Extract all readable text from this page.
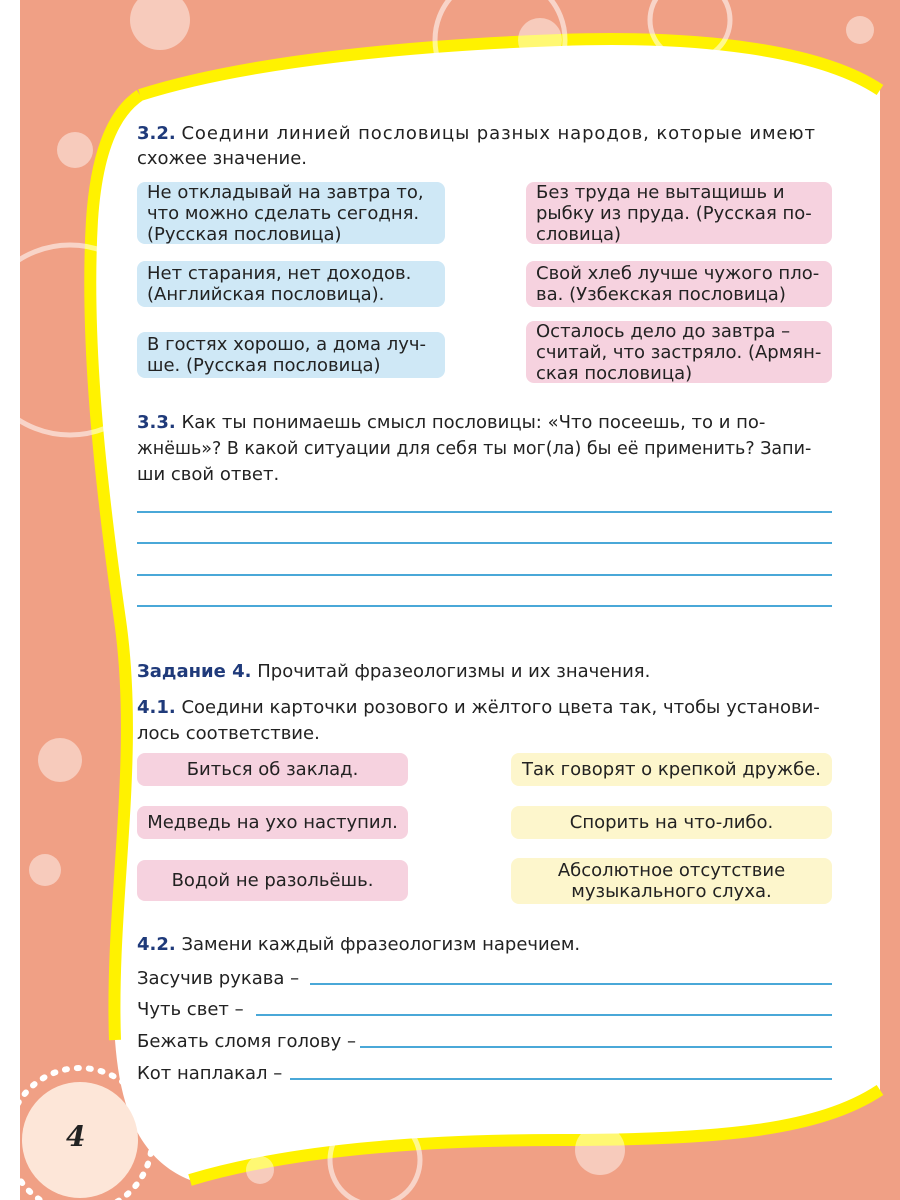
3.2. Соедини линией пословицы разных народов, которые имеют
схожее значение.
Не откладывай на завтра то,
что можно сделать сегодня.
(Русская пословица)
Нет старания, нет доходов.
(Английская пословица).
В гостях хорошо, а дома луч-
ше. (Русская пословица)
Без труда не вытащишь и
рыбку из пруда. (Русская по-
словица)
Свой хлеб лучше чужого пло-
ва. (Узбекская пословица)
Осталось дело до завтра –
считай, что застряло. (Армян-
ская пословица)
3.3. Как ты понимаешь смысл пословицы: «Что посеешь, то и по-
жнёшь»? В какой ситуации для себя ты мог(ла) бы её применить? Запи-
ши свой ответ.
Задание 4. Прочитай фразеологизмы и их значения.
4.1. Соедини карточки розового и жёлтого цвета так, чтобы установи-
лось соответствие.
Биться об заклад.
Медведь на ухо наступил.
Водой не разольёшь.
Так говорят о крепкой дружбе.
Спорить на что-либо.
Абсолютное отсутствие
музыкального слуха.
4.2. Замени каждый фразеологизм наречием.
Засучив рукава –
Чуть свет –
Бежать сломя голову –
Кот наплакал –
4
